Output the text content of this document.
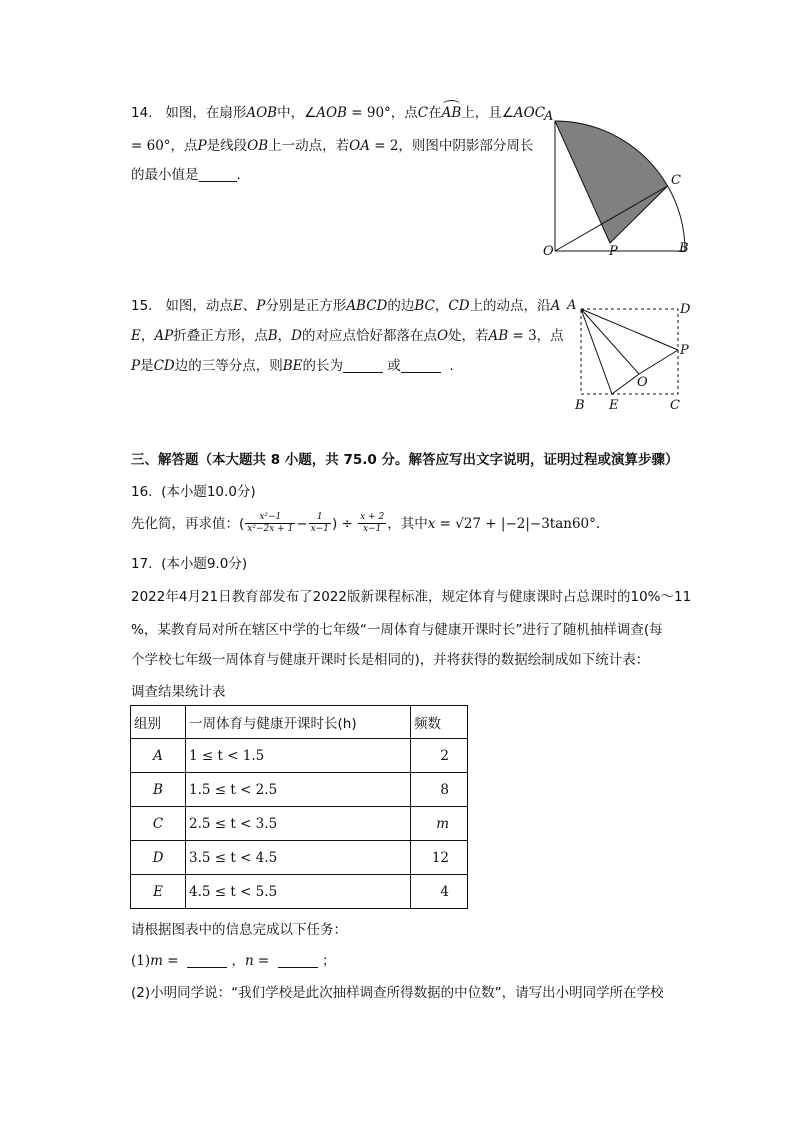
14. 如图，在扇形AOB中，∠AOB = 90°，点C在AB上，且∠AOC
= 60°，点P是线段OB上一动点，若OA = 2，则图中阴影部分周长
的最小值是	.
A
C
O	P	B
15. 如图，动点E、P分别是正方形ABCD的边BC，CD上的动点，沿A
E，AP折叠正方形，点B，D的对应点恰好都落在点O处，若AB = 3，点
P是CD边的三等分点，则BE的长为	或	.
A	D
P
O
B E	C
三、解答题（本大题共 8 小题，共 75.0 分。解答应写出文字说明，证明过程或演算步骤）
16. (本小题10.0分)
先化简，再求值：( $\frac{\text{x²−1}}{\text{x²−2x + 1}} - \frac{1}{x-1}$ ) ÷ $\frac{x + 2}{x-1}$ ，其中x = √27 + |−2|−3tan60°.
17. (本小题9.0分)
2022年4月21日教育部发布了2022版新课程标准，规定体育与健康课时占总课时的10%～11
%，某教育局对所在辖区中学的七年级“一周体育与健康开课时长”进行了随机抽样调查(每
个学校七年级一周体育与健康开课时长是相同的)，并将获得的数据绘制成如下统计表：
调查结果统计表
组别	一周体育与健康开课时长(h)	频数
A	1 ≤ t < 1.5	2
B	1.5 ≤ t < 2.5	8
C	2.5 ≤ t < 3.5	m
D	3.5 ≤ t < 4.5	12
E	4.5 ≤ t < 5.5	4
请根据图表中的信息完成以下任务：
(1)m =	，n =	；
(2)小明同学说：“我们学校是此次抽样调查所得数据的中位数”，请写出小明同学所在学校
